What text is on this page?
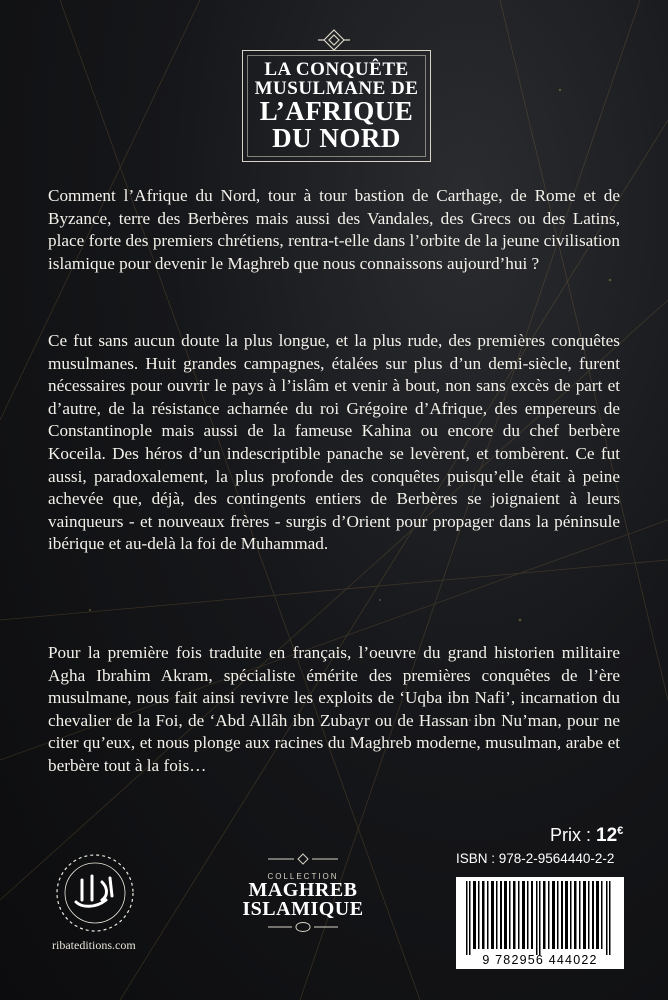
LA CONQUÊTE
MUSULMANE DE
L’AFRIQUE
DU NORD

Comment l’Afrique du Nord, tour à tour bastion de Carthage, de Rome et de Byzance, terre des Berbères mais aussi des Vandales, des Grecs ou des Latins, place forte des premiers chrétiens, rentra-t-elle dans l’orbite de la jeune civilisation islamique pour devenir le Maghreb que nous connaissons aujourd’hui ?

Ce fut sans aucun doute la plus longue, et la plus rude, des premières conquêtes musulmanes. Huit grandes campagnes, étalées sur plus d’un demi-siècle, furent nécessaires pour ouvrir le pays à l’islâm et venir à bout, non sans excès de part et d’autre, de la résistance acharnée du roi Grégoire d’Afrique, des empereurs de Constantinople mais aussi de la fameuse Kahina ou encore du chef berbère Koceila. Des héros d’un indescriptible panache se levèrent, et tombèrent. Ce fut aussi, paradoxalement, la plus profonde des conquêtes puisqu’elle était à peine achevée que, déjà, des contingents entiers de Berbères se joignaient à leurs vainqueurs - et nouveaux frères - surgis d’Orient pour propager dans la péninsule ibérique et au-delà la foi de Muhammad.

Pour la première fois traduite en français, l’oeuvre du grand historien militaire Agha Ibrahim Akram, spécialiste émérite des premières conquêtes de l’ère musulmane, nous fait ainsi revivre les exploits de ‘Uqba ibn Nafi’, incarnation du chevalier de la Foi, de ‘Abd Allâh ibn Zubayr ou de Hassan ibn Nu’man, pour ne citer qu’eux, et nous plonge aux racines du Maghreb moderne, musulman, arabe et berbère tout à la fois…

Prix : 12€
ISBN : 978-2-9564440-2-2
9 782956 444022
ribateditions.com
COLLECTION
MAGHREB
ISLAMIQUE
